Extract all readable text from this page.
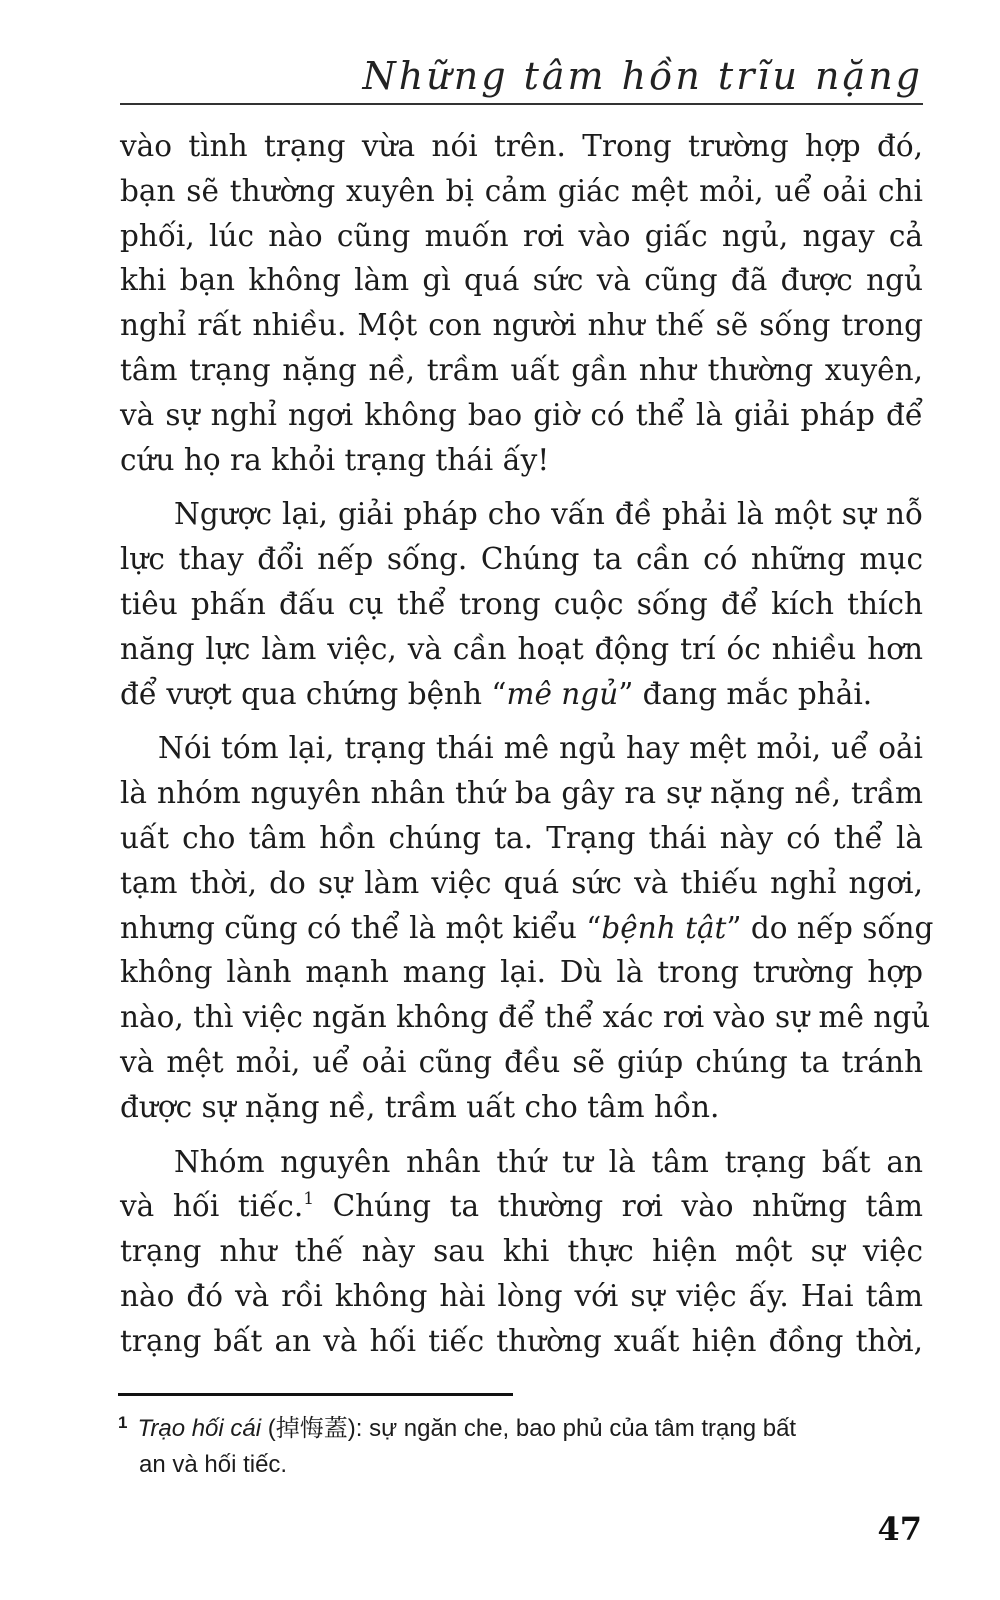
Những tâm hồn trĩu nặng
vào tình trạng vừa nói trên. Trong trường hợp đó,
bạn sẽ thường xuyên bị cảm giác mệt mỏi, uể oải chi
phối, lúc nào cũng muốn rơi vào giấc ngủ, ngay cả
khi bạn không làm gì quá sức và cũng đã được ngủ
nghỉ rất nhiều. Một con người như thế sẽ sống trong
tâm trạng nặng nề, trầm uất gần như thường xuyên,
và sự nghỉ ngơi không bao giờ có thể là giải pháp để
cứu họ ra khỏi trạng thái ấy!
Ngược lại, giải pháp cho vấn đề phải là một sự nỗ
lực thay đổi nếp sống. Chúng ta cần có những mục
tiêu phấn đấu cụ thể trong cuộc sống để kích thích
năng lực làm việc, và cần hoạt động trí óc nhiều hơn
để vượt qua chứng bệnh “mê ngủ” đang mắc phải.
Nói tóm lại, trạng thái mê ngủ hay mệt mỏi, uể oải
là nhóm nguyên nhân thứ ba gây ra sự nặng nề, trầm
uất cho tâm hồn chúng ta. Trạng thái này có thể là
tạm thời, do sự làm việc quá sức và thiếu nghỉ ngơi,
nhưng cũng có thể là một kiểu “bệnh tật” do nếp sống
không lành mạnh mang lại. Dù là trong trường hợp
nào, thì việc ngăn không để thể xác rơi vào sự mê ngủ
và mệt mỏi, uể oải cũng đều sẽ giúp chúng ta tránh
được sự nặng nề, trầm uất cho tâm hồn.
Nhóm nguyên nhân thứ tư là tâm trạng bất an
và hối tiếc.$^1$ Chúng ta thường rơi vào những tâm
trạng như thế này sau khi thực hiện một sự việc
nào đó và rồi không hài lòng với sự việc ấy. Hai tâm
trạng bất an và hối tiếc thường xuất hiện đồng thời,
$^1$ Trạo hối cái (掉悔蓋): sự ngăn che, bao phủ của tâm trạng bất
an và hối tiếc.
47
